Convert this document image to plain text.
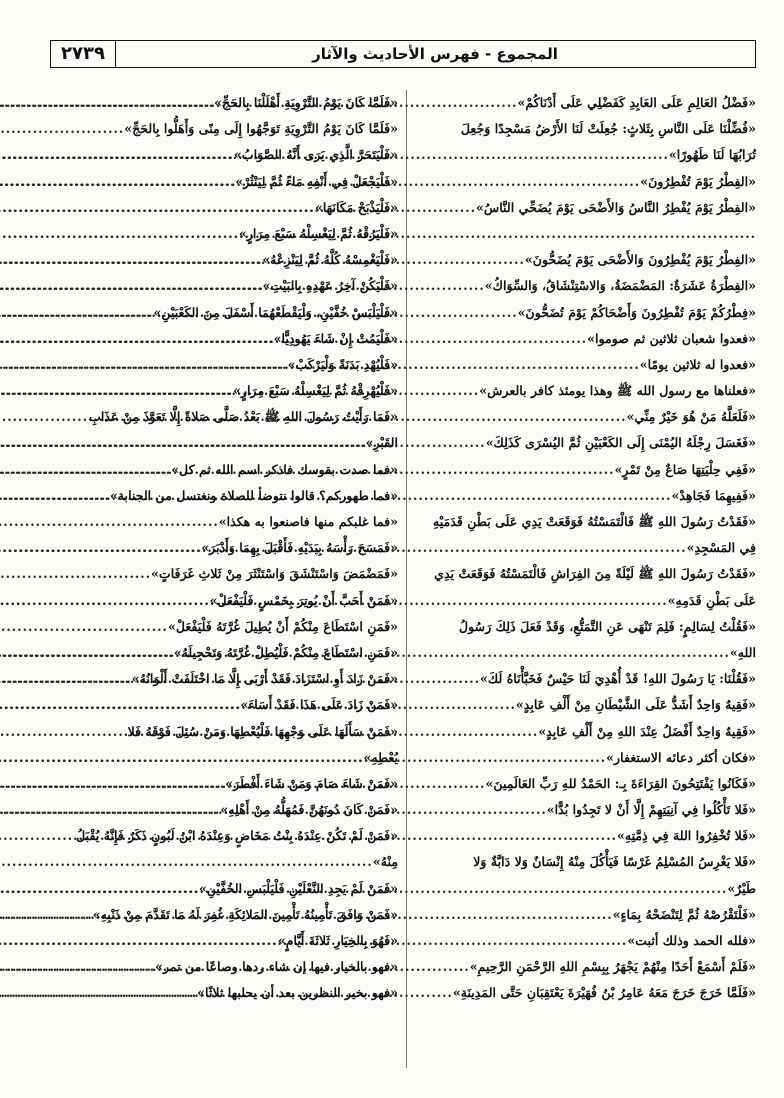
٢٧٣٩	المجموع - فهرس الأحاديث والآثار
«فَضْلُ العَالِمِ عَلَى العَابِدِ كَفَضْلِي عَلَى أَدْنَاكُمْ»
.....
«فُضِّلْنَا عَلَى النَّاسِ بِثَلاثٍ: جُعِلَتْ لَنَا الأَرْضُ مَسْجِدًا وَجُعِلَ
تُرَابُهَا لَنَا طَهُورًا»
.....
«الفِطْرُ يَوْمَ تُفْطِرُونَ»
.....
«الفِطْرُ يَوْمَ يُفْطِرُ النَّاسُ وَالأَضْحَى يَوْمَ يُضَحِّي النَّاسُ»
.....
.....
«الفِطْرُ يَوْمَ يُفْطِرُونَ وَالأَضْحَى يَوْمَ يُضَحُّونَ»
.....
«الفِطْرَةُ عَشَرَةٌ: المَضْمَضَةُ، وَالاسْتِنْشَاقُ، وَالسِّوَاكُ»
.....
«فِطْرُكُمْ يَوْمَ تُفْطِرُونَ وَأَضْحَاكُمْ يَوْمَ تُضَحُّونَ»
.....
«فعدوا شعبان ثلاثين ثم صوموا»
.....
«فعدوا له ثلاثين يومًا»
.....
«فعلناها مع رسول الله ﷺ وهذا يومئذ كافر بالعرش»
.....
«فَلَعَلَّهُ مَنْ هُوَ خَيْرٌ مِنِّي»
.....
«فَغَسَلَ رِجْلَهُ اليُمْنَى إِلَى الكَعْبَيْنِ ثُمَّ اليُسْرَى كَذَلِكَ»
.....
«فَفِي حِلْيَتِهَا صَاعٌ مِنْ تَمْرٍ»
.....
«فَفِيهِمَا فَجَاهِدْ»
.....
«فَقَدْتُ رَسُولَ اللهِ ﷺ فَالْتَمَسْتُهُ فَوَقَعَتْ يَدِي عَلَى بَطْنِ قَدَمَيْهِ
فِي المَسْجِدِ»
.....
«فَقَدْتُ رَسُولَ اللهِ ﷺ لَيْلَةً مِنَ الفِرَاشِ فَالْتَمَسْتُهُ فَوَقَعَتْ يَدِي
عَلَى بَطْنِ قَدَمِهِ»
.....
«فَقُلْتُ لِسَالِمٍ: فَلِمَ تَنْهَى عَنِ التَّمَتُّعِ، وَقَدْ فَعَلَ ذَلِكَ رَسُولُ
اللهِ»
.....
«فَقُلْنَا: يَا رَسُولَ اللهِ! قَدْ أُهْدِيَ لَنَا حَيْسٌ فَخَبَّأْنَاهُ لَكَ»
.....
«فَقِيهٌ وَاحِدٌ أَشَدُّ عَلَى الشَّيْطَانِ مِنْ أَلْفِ عَابِدٍ»
.....
«فَقِيهٌ وَاحِدٌ أَفْضَلُ عِنْدَ اللهِ مِنْ أَلْفِ عَابِدٍ»
.....
«فكان أكثر دعائه الاستغفار»
.....
«فَكَانُوا يَفْتَتِحُونَ القِرَاءَةَ بِـ: الحَمْدُ للهِ رَبِّ العَالَمِينَ»
.....
«فَلا تَأْكُلُوا فِي آنِيَتِهِمْ إِلَّا أَنْ لا تَجِدُوا بُدًّا»
.....
«فَلا تُخْفِرُوا اللهَ فِي ذِمَّتِهِ»
.....
«فَلا يَغْرِسُ المُسْلِمُ غَرْسًا فَيَأْكُلَ مِنْهُ إِنْسَانٌ وَلا دَابَّةٌ وَلا
طَيْرٌ»
.....
«فَلْتَقْرُصْهُ ثُمَّ لِتَنْضَحْهُ بِمَاءٍ»
.....
«فلله الحمد وذلك أثبت»
.....
«فَلَمْ أَسْمَعْ أَحَدًا مِنْهُمْ يَجْهَرُ بِبِسْمِ اللهِ الرَّحْمَنِ الرَّحِيمِ»
.....
«فَلَمَّا خَرَجَ خَرَجَ مَعَهُ عَامِرُ بْنُ فُهَيْرَةَ يَعْتَقِبَانِ حَتَّى المَدِينَةِ»
.....
«فَلَمَّا كَانَ يَوْمُ التَّرْوِيَةِ أَهْلَلْنَا بِالحَجِّ»
.....
«فَلَمَّا كَانَ يَوْمُ التَّرْوِيَةِ تَوَجَّهُوا إِلَى مِنًى وَأَهَلُّوا بِالحَجِّ»
.....
«فَلْيَتَحَرَّ الَّذِي يَرَى أَنَّهُ الصَّوَابُ»
.....
«فَلْيَجْعَلْ فِي أَنْفِهِ مَاءً ثُمَّ لِيَنْثُرْ»
.....
«فَلْيَذْبَحْ مَكَانَهَا»
.....
«فَلْيَرُقْهُ ثُمَّ لِيَغْسِلْهُ سَبْعَ مِرَارٍ»
.....
«فَلْيَغْمِسْهُ كُلَّهُ ثُمَّ لِيَنْزِعْهُ»
.....
«فَلْيَكُنْ آخِرُ عَهْدِهِ بِالبَيْتِ»
.....
«فَلْيَلْبَسْ خُفَّيْنِ، وَلْيَقْطَعْهُمَا أَسْفَلَ مِنَ الكَعْبَيْنِ»
.....
«فَلْيَمُتْ إِنْ شَاءَ يَهُودِيًّا»
.....
«فَلْيُهْدِ بَدَنَةً وَلْيَرْكَبْ»
.....
«فَلْيُهْرِقْهُ ثُمَّ لِيَغْسِلْهُ سَبْعَ مِرَارٍ»
.....
«فَمَا رَأَيْتُ رَسُولَ اللهِ ﷺ بَعْدُ صَلَّى صَلاةً إِلَّا تَعَوَّذَ مِنْ عَذَابِ
القَبْرِ»
.....
«فما صدت بقوسك فاذكر اسم الله ثم كل»
.....
«فما طهوركم؟ قالوا نتوضأ للصلاة ونغتسل من الجنابة»
.....
«فما غلبكم منها فاصنعوا به هكذا»
.....
«فَمَسَحَ رَأْسَهُ بِيَدَيْهِ فَأَقْبَلَ بِهِمَا وَأَدْبَرَ»
.....
«فَمَضْمَضَ وَاسْتَنْشَقَ وَاسْتَنْثَرَ مِنْ ثَلاثِ غَرَفَاتٍ»
.....
«فَمَنْ أَحَبَّ أَنْ يُوتِرَ بِخَمْسٍ فَلْيَفْعَلْ»
.....
«فَمَنِ اسْتَطَاعَ مِنْكُمْ أَنْ يُطِيلَ غُرَّتَهُ فَلْيَفْعَلْ»
.....
«فَمَنِ اسْتَطَاعَ مِنْكُمْ فَلْيُطِلْ غُرَّتَهُ وَتَحْجِيلَهُ»
.....
«فَمَنْ زَادَ أَوِ اسْتَزَادَ فَقَدْ أَرْبَى إِلَّا مَا اخْتَلَفَتْ أَلْوَانُهُ»
.....
«فَمَنْ زَادَ عَلَى هَذَا فَقَدْ أَسَاءَ»
.....
«فَمَنْ سَأَلَهَا عَلَى وَجْهِهَا فَلْيُعْطِهَا وَمَنْ سُئِلَ فَوْقَهُ فَلا
يُعْطِهِ»
.....
«فَمَنْ شَاءَ صَامَ وَمَنْ شَاءَ أَفْطَرَ»
.....
«فَمَنْ كَانَ دُونَهُنَّ فَمُهَلُّهُ مِنْ أَهْلِهِ»
.....
«فَمَنْ لَمْ تَكُنْ عِنْدَهُ بِنْتُ مَخَاضٍ وَعِنْدَهُ ابْنُ لَبُونٍ ذَكَرٌ فَإِنَّهُ يُقْبَلُ
مِنْهُ»
.....
«فَمَنْ لَمْ يَجِدِ النَّعْلَيْنِ فَلْيَلْبَسِ الخُفَّيْنِ»
.....
«فَمَنْ وَافَقَ تَأْمِينُهُ تَأْمِينَ المَلائِكَةِ غُفِرَ لَهُ مَا تَقَدَّمَ مِنْ ذَنْبِهِ»
.....
«فَهُوَ بِالخِيَارِ ثَلاثَةَ أَيَّامٍ»
.....
«فهو بالخيار فيها إن شاء ردها وصاعًا من تمر»
.....
«فهو بخير النظرين بعد أن يحلبها ثلاثًا»
.....
